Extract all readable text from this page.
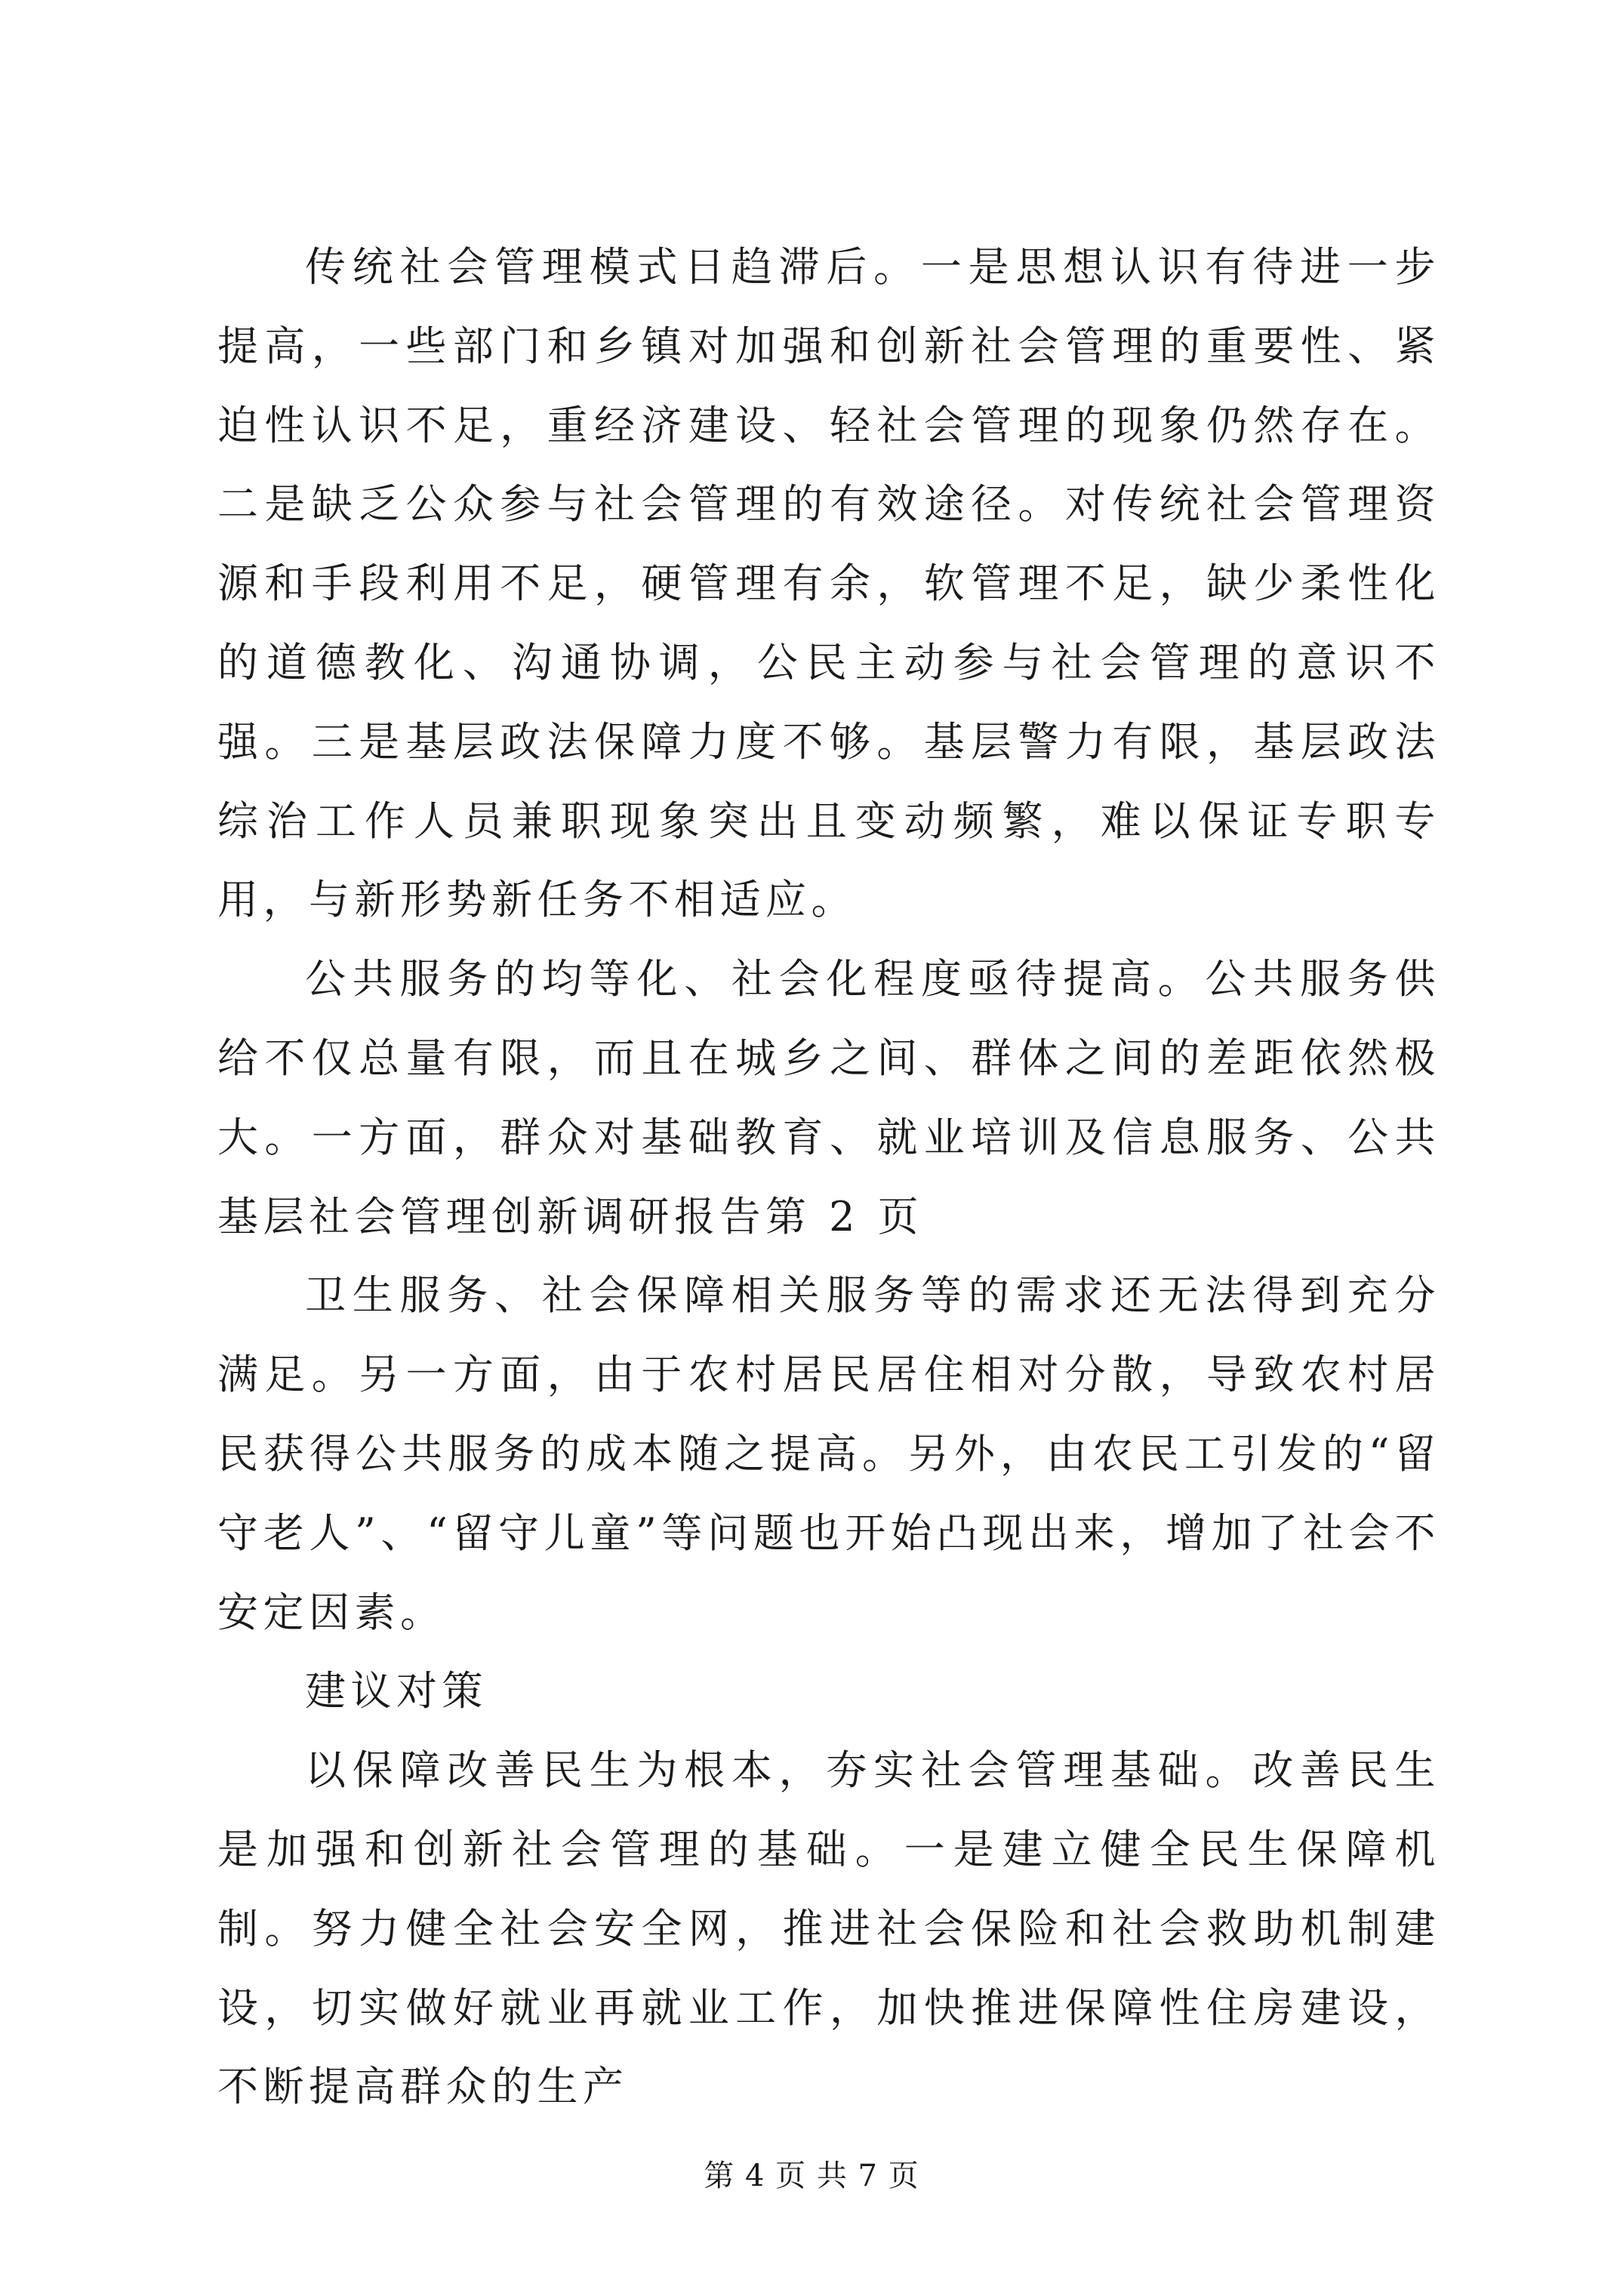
传统社会管理模式日趋滞后。一是思想认识有待进一步提高，一些部门和乡镇对加强和创新社会管理的重要性、紧迫性认识不足，重经济建设、轻社会管理的现象仍然存在。二是缺乏公众参与社会管理的有效途径。对传统社会管理资源和手段利用不足，硬管理有余，软管理不足，缺少柔性化的道德教化、沟通协调，公民主动参与社会管理的意识不强。三是基层政法保障力度不够。基层警力有限，基层政法综治工作人员兼职现象突出且变动频繁，难以保证专职专用，与新形势新任务不相适应。

公共服务的均等化、社会化程度亟待提高。公共服务供给不仅总量有限，而且在城乡之间、群体之间的差距依然极大。一方面，群众对基础教育、就业培训及信息服务、公共基层社会管理创新调研报告第 2 页

卫生服务、社会保障相关服务等的需求还无法得到充分满足。另一方面，由于农村居民居住相对分散，导致农村居民获得公共服务的成本随之提高。另外，由农民工引发的“留守老人”、“留守儿童”等问题也开始凸现出来，增加了社会不安定因素。

建议对策

以保障改善民生为根本，夯实社会管理基础。改善民生是加强和创新社会管理的基础。一是建立健全民生保障机制。努力健全社会安全网，推进社会保险和社会救助机制建设，切实做好就业再就业工作，加快推进保障性住房建设，不断提高群众的生产

第 4 页 共 7 页
